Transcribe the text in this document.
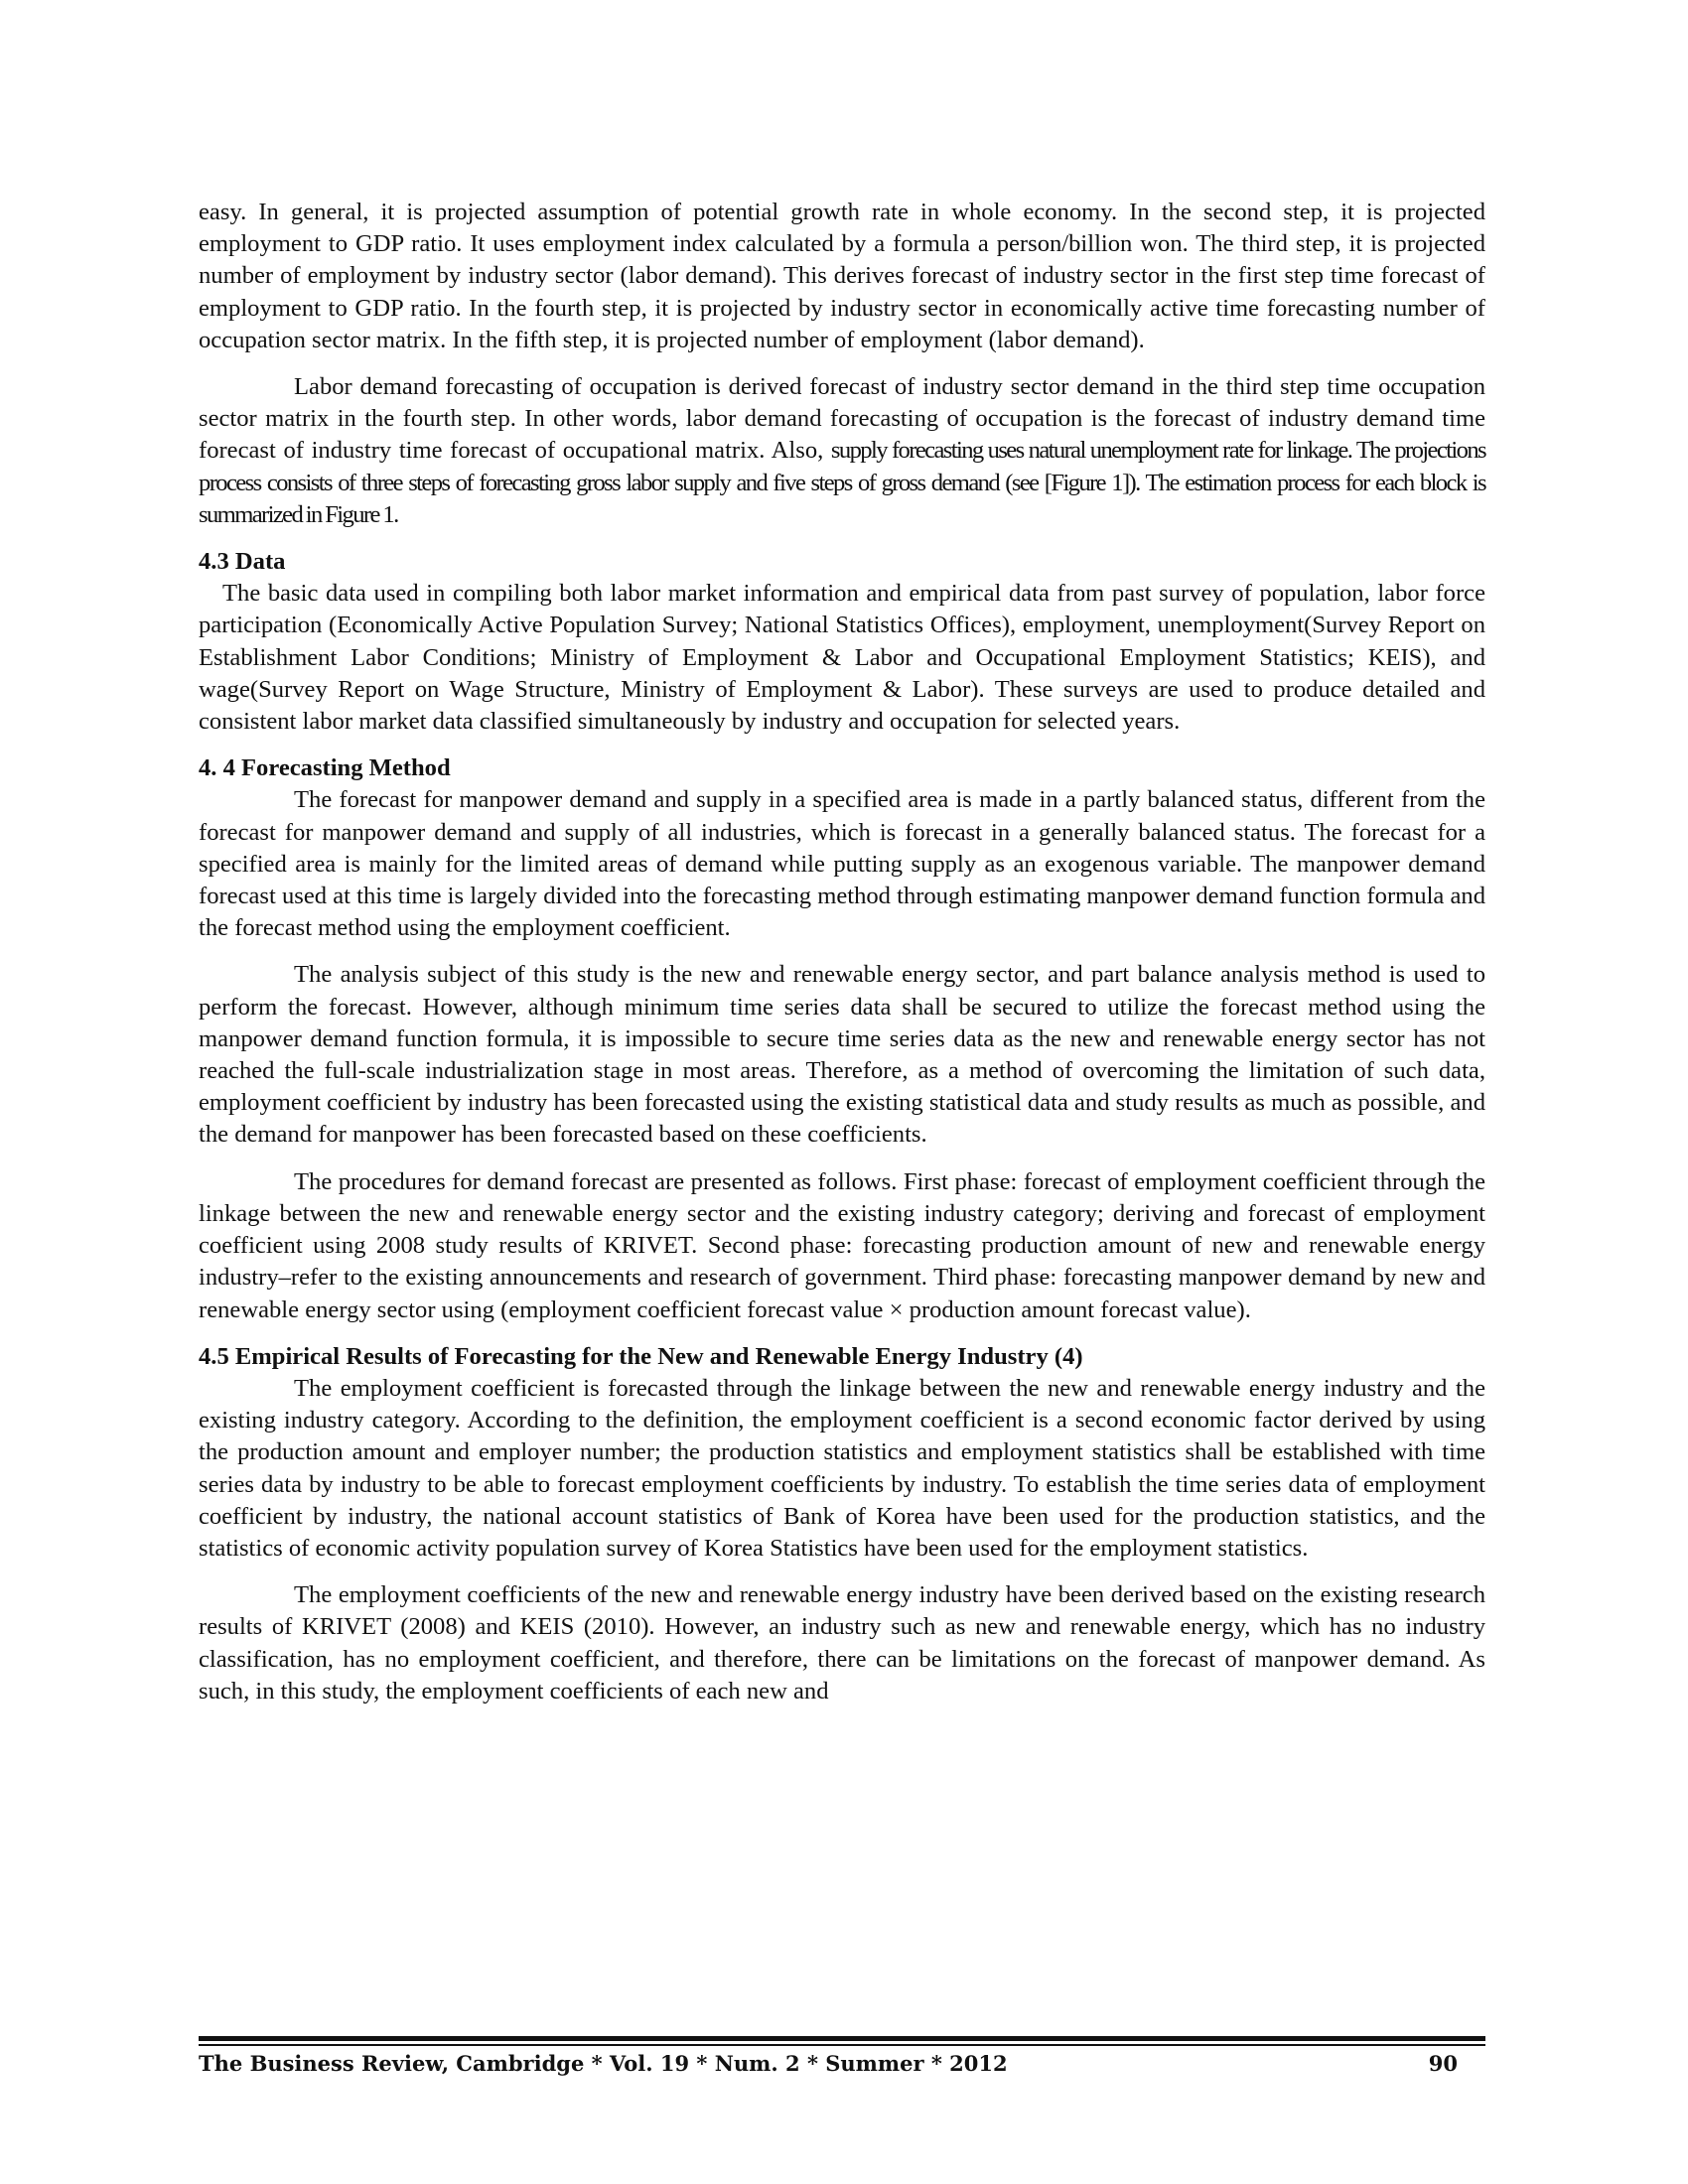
easy. In general, it is projected assumption of potential growth rate in whole economy. In the second step, it is projected employment to GDP ratio. It uses employment index calculated by a formula a person/billion won. The third step, it is projected number of employment by industry sector (labor demand). This derives forecast of industry sector in the first step time forecast of employment to GDP ratio. In the fourth step, it is projected by industry sector in economically active time forecasting number of occupation sector matrix. In the fifth step, it is projected number of employment (labor demand).

Labor demand forecasting of occupation is derived forecast of industry sector demand in the third step time occupation sector matrix in the fourth step. In other words, labor demand forecasting of occupation is the forecast of industry demand time forecast of industry time forecast of occupational matrix. Also, supply forecasting uses natural unemployment rate for linkage. The projections process consists of three steps of forecasting gross labor supply and five steps of gross demand (see [Figure 1]). The estimation process for each block is summarized in Figure 1.

4.3 Data

The basic data used in compiling both labor market information and empirical data from past survey of population, labor force participation (Economically Active Population Survey; National Statistics Offices), employment, unemployment(Survey Report on Establishment Labor Conditions; Ministry of Employment & Labor and Occupational Employment Statistics; KEIS), and wage(Survey Report on Wage Structure, Ministry of Employment & Labor). These surveys are used to produce detailed and consistent labor market data classified simultaneously by industry and occupation for selected years.

4. 4 Forecasting Method

The forecast for manpower demand and supply in a specified area is made in a partly balanced status, different from the forecast for manpower demand and supply of all industries, which is forecast in a generally balanced status. The forecast for a specified area is mainly for the limited areas of demand while putting supply as an exogenous variable. The manpower demand forecast used at this time is largely divided into the forecasting method through estimating manpower demand function formula and the forecast method using the employment coefficient.

The analysis subject of this study is the new and renewable energy sector, and part balance analysis method is used to perform the forecast. However, although minimum time series data shall be secured to utilize the forecast method using the manpower demand function formula, it is impossible to secure time series data as the new and renewable energy sector has not reached the full-scale industrialization stage in most areas. Therefore, as a method of overcoming the limitation of such data, employment coefficient by industry has been forecasted using the existing statistical data and study results as much as possible, and the demand for manpower has been forecasted based on these coefficients.

The procedures for demand forecast are presented as follows. First phase: forecast of employment coefficient through the linkage between the new and renewable energy sector and the existing industry category; deriving and forecast of employment coefficient using 2008 study results of KRIVET. Second phase: forecasting production amount of new and renewable energy industry–refer to the existing announcements and research of government. Third phase: forecasting manpower demand by new and renewable energy sector using (employment coefficient forecast value × production amount forecast value).

4.5 Empirical Results of Forecasting for the New and Renewable Energy Industry (4)

The employment coefficient is forecasted through the linkage between the new and renewable energy industry and the existing industry category. According to the definition, the employment coefficient is a second economic factor derived by using the production amount and employer number; the production statistics and employment statistics shall be established with time series data by industry to be able to forecast employment coefficients by industry. To establish the time series data of employment coefficient by industry, the national account statistics of Bank of Korea have been used for the production statistics, and the statistics of economic activity population survey of Korea Statistics have been used for the employment statistics.

The employment coefficients of the new and renewable energy industry have been derived based on the existing research results of KRIVET (2008) and KEIS (2010). However, an industry such as new and renewable energy, which has no industry classification, has no employment coefficient, and therefore, there can be limitations on the forecast of manpower demand. As such, in this study, the employment coefficients of each new and

The Business Review, Cambridge * Vol. 19 * Num. 2 * Summer * 2012	90
